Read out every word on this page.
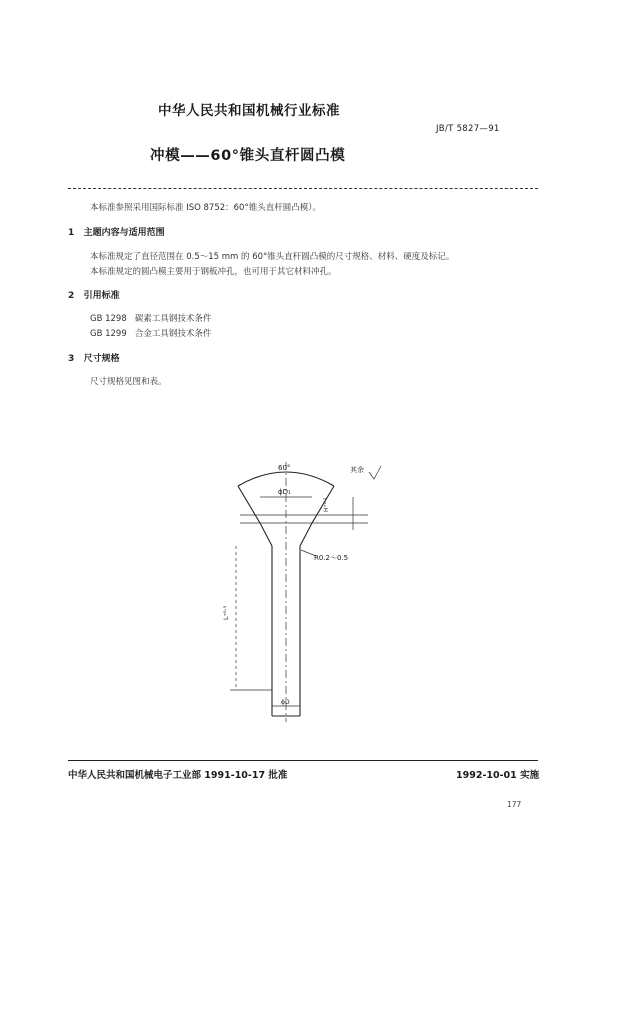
中华人民共和国机械行业标准
JB/T 5827—91
冲模——60°锥头直杆圆凸模
本标准参照采用国际标准 ISO 8752：60°锥头直杆圆凸模）。
1 主题内容与适用范围
本标准规定了直径范围在 0.5～15 mm 的 60°锥头直杆圆凸模的尺寸规格、材料、硬度及标记。
本标准规定的圆凸模主要用于钢板冲孔，也可用于其它材料冲孔。
2 引用标准
GB 1298 碳素工具钢技术条件
GB 1299 合金工具钢技术条件
3 尺寸规格
尺寸规格见图和表。
60°
ϕD₁
H⁺⁰·²
R0.2～0.5
L⁺⁰·⁵
ϕD
其余
中华人民共和国机械电子工业部 1991-10-17 批准	1992-10-01 实施
177
